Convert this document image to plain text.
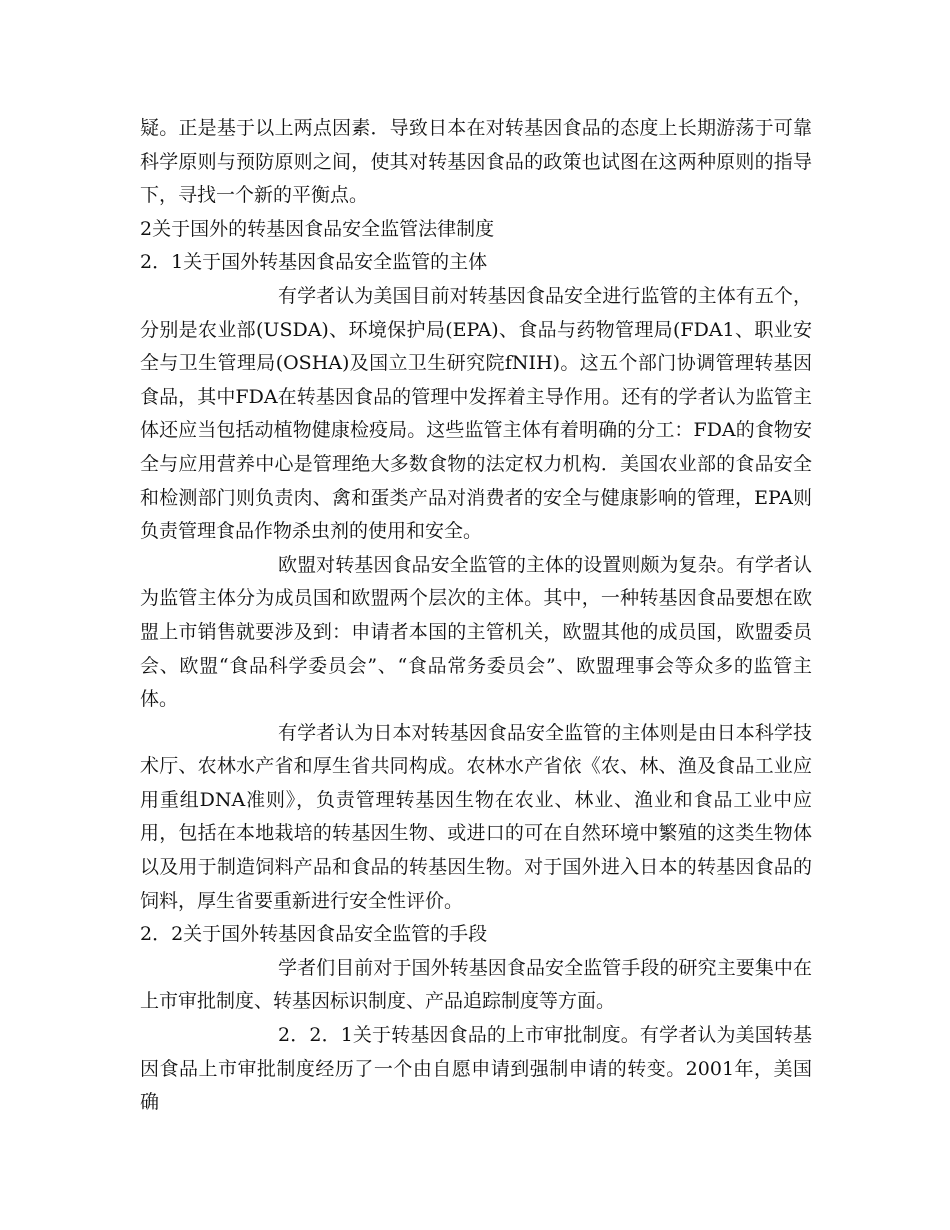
疑。正是基于以上两点因素．导致日本在对转基因食品的态度上长期游荡于可靠科学原则与预防原则之间，使其对转基因食品的政策也试图在这两种原则的指导下，寻找一个新的平衡点。

2关于国外的转基因食品安全监管法律制度

2．1关于国外转基因食品安全监管的主体

有学者认为美国目前对转基因食品安全进行监管的主体有五个，分别是农业部(USDA)、环境保护局(EPA)、食品与药物管理局(FDA1、职业安全与卫生管理局(OSHA)及国立卫生研究院fNIH)。这五个部门协调管理转基因食品，其中FDA在转基因食品的管理中发挥着主导作用。还有的学者认为监管主体还应当包括动植物健康检疫局。这些监管主体有着明确的分工：FDA的食物安全与应用营养中心是管理绝大多数食物的法定权力机构．美国农业部的食品安全和检测部门则负责肉、禽和蛋类产品对消费者的安全与健康影响的管理，EPA则负责管理食品作物杀虫剂的使用和安全。

欧盟对转基因食品安全监管的主体的设置则颇为复杂。有学者认为监管主体分为成员国和欧盟两个层次的主体。其中，一种转基因食品要想在欧盟上市销售就要涉及到：申请者本国的主管机关，欧盟其他的成员国，欧盟委员会、欧盟“食品科学委员会”、“食品常务委员会”、欧盟理事会等众多的监管主体。

有学者认为日本对转基因食品安全监管的主体则是由日本科学技术厅、农林水产省和厚生省共同构成。农林水产省依《农、林、渔及食品工业应用重组DNA准则》，负责管理转基因生物在农业、林业、渔业和食品工业中应用，包括在本地栽培的转基因生物、或进口的可在自然环境中繁殖的这类生物体以及用于制造饲料产品和食品的转基因生物。对于国外进入日本的转基因食品的饲料，厚生省要重新进行安全性评价。

2．2关于国外转基因食品安全监管的手段

学者们目前对于国外转基因食品安全监管手段的研究主要集中在上市审批制度、转基因标识制度、产品追踪制度等方面。

2．2．1关于转基因食品的上市审批制度。有学者认为美国转基因食品上市审批制度经历了一个由自愿申请到强制申请的转变。2001年，美国确
